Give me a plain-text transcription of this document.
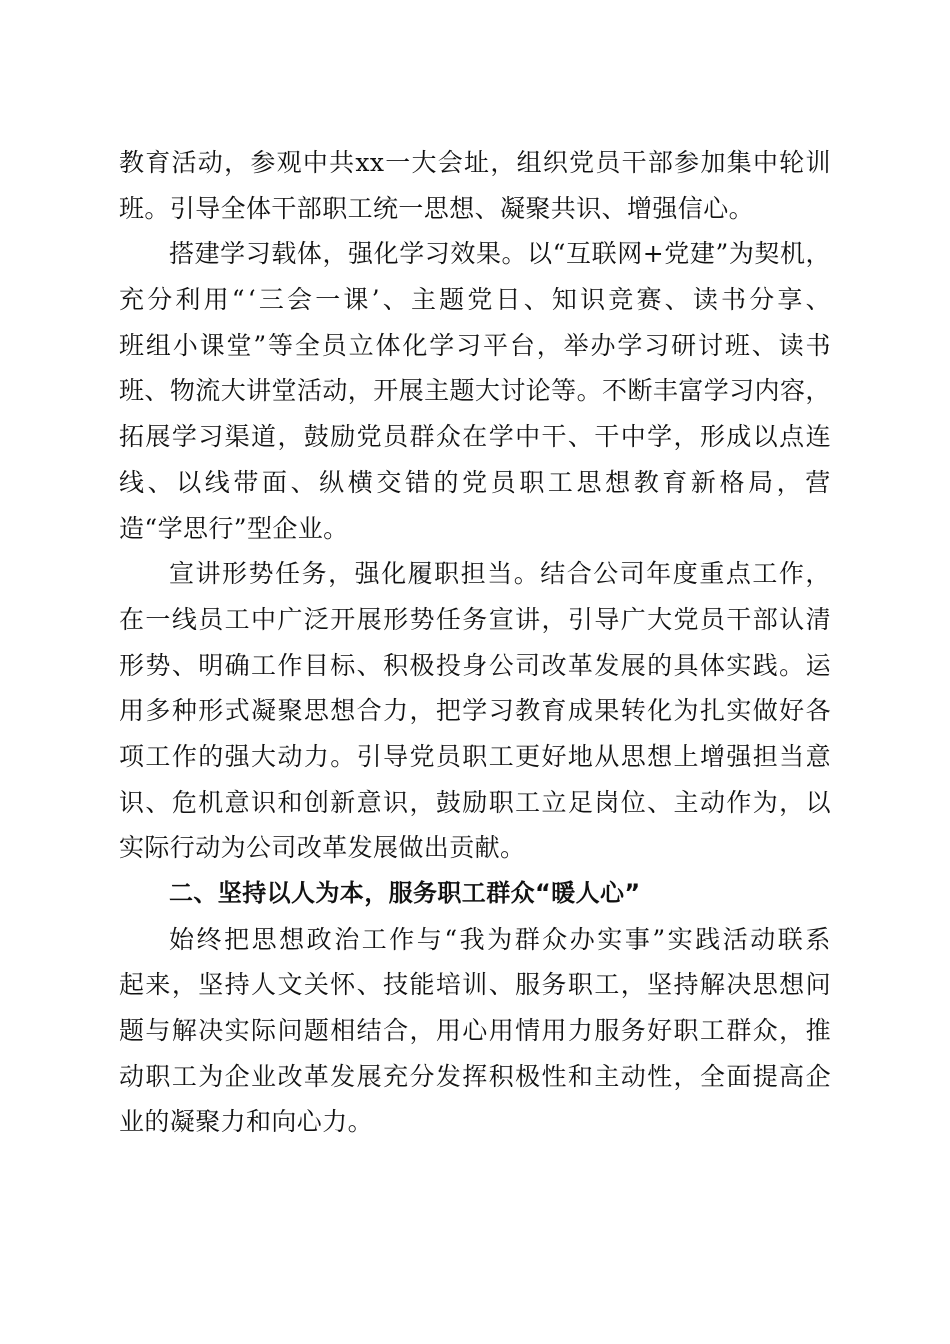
教 育 活 动 ， 参 观 中 共 xx 一 大 会 址 ， 组 织 党 员 干 部 参 加 集 中 轮 训
班。引导全体干部职工统一思想、凝聚共识、增强信心。
搭 建 学 习 载 体 ， 强 化 学 习 效 果 。 以 “ 互 联 网 + 党 建 ” 为 契 机 ，
充 分 利 用 “ ‘ 三 会 一 课 ’ 、 主 题 党 日 、 知 识 竞 赛 、 读 书 分 享 、
班 组 小 课 堂 ” 等 全 员 立 体 化 学 习 平 台 ， 举 办 学 习 研 讨 班 、 读 书
班 、 物 流 大 讲 堂 活 动 ， 开 展 主 题 大 讨 论 等 。 不 断 丰 富 学 习 内 容 ，
拓 展 学 习 渠 道 ， 鼓 励 党 员 群 众 在 学 中 干 、 干 中 学 ， 形 成 以 点 连
线 、 以 线 带 面 、 纵 横 交 错 的 党 员 职 工 思 想 教 育 新 格 局 ， 营
造“学思行”型企业。
宣 讲 形 势 任 务 ， 强 化 履 职 担 当 。 结 合 公 司 年 度 重 点 工 作 ，
在 一 线 员 工 中 广 泛 开 展 形 势 任 务 宣 讲 ， 引 导 广 大 党 员 干 部 认 清
形 势 、 明 确 工 作 目 标 、 积 极 投 身 公 司 改 革 发 展 的 具 体 实 践 。 运
用 多 种 形 式 凝 聚 思 想 合 力 ， 把 学 习 教 育 成 果 转 化 为 扎 实 做 好 各
项 工 作 的 强 大 动 力 。 引 导 党 员 职 工 更 好 地 从 思 想 上 增 强 担 当 意
识 、 危 机 意 识 和 创 新 意 识 ， 鼓 励 职 工 立 足 岗 位 、 主 动 作 为 ， 以
实际行动为公司改革发展做出贡献。
二、坚持以人为本，服务职工群众“暖人心”
始 终 把 思 想 政 治 工 作 与 “ 我 为 群 众 办 实 事 ” 实 践 活 动 联 系
起 来 ， 坚 持 人 文 关 怀 、 技 能 培 训 、 服 务 职 工 ， 坚 持 解 决 思 想 问
题 与 解 决 实 际 问 题 相 结 合 ， 用 心 用 情 用 力 服 务 好 职 工 群 众 ， 推
动 职 工 为 企 业 改 革 发 展 充 分 发 挥 积 极 性 和 主 动 性 ， 全 面 提 高 企
业的凝聚力和向心力。
